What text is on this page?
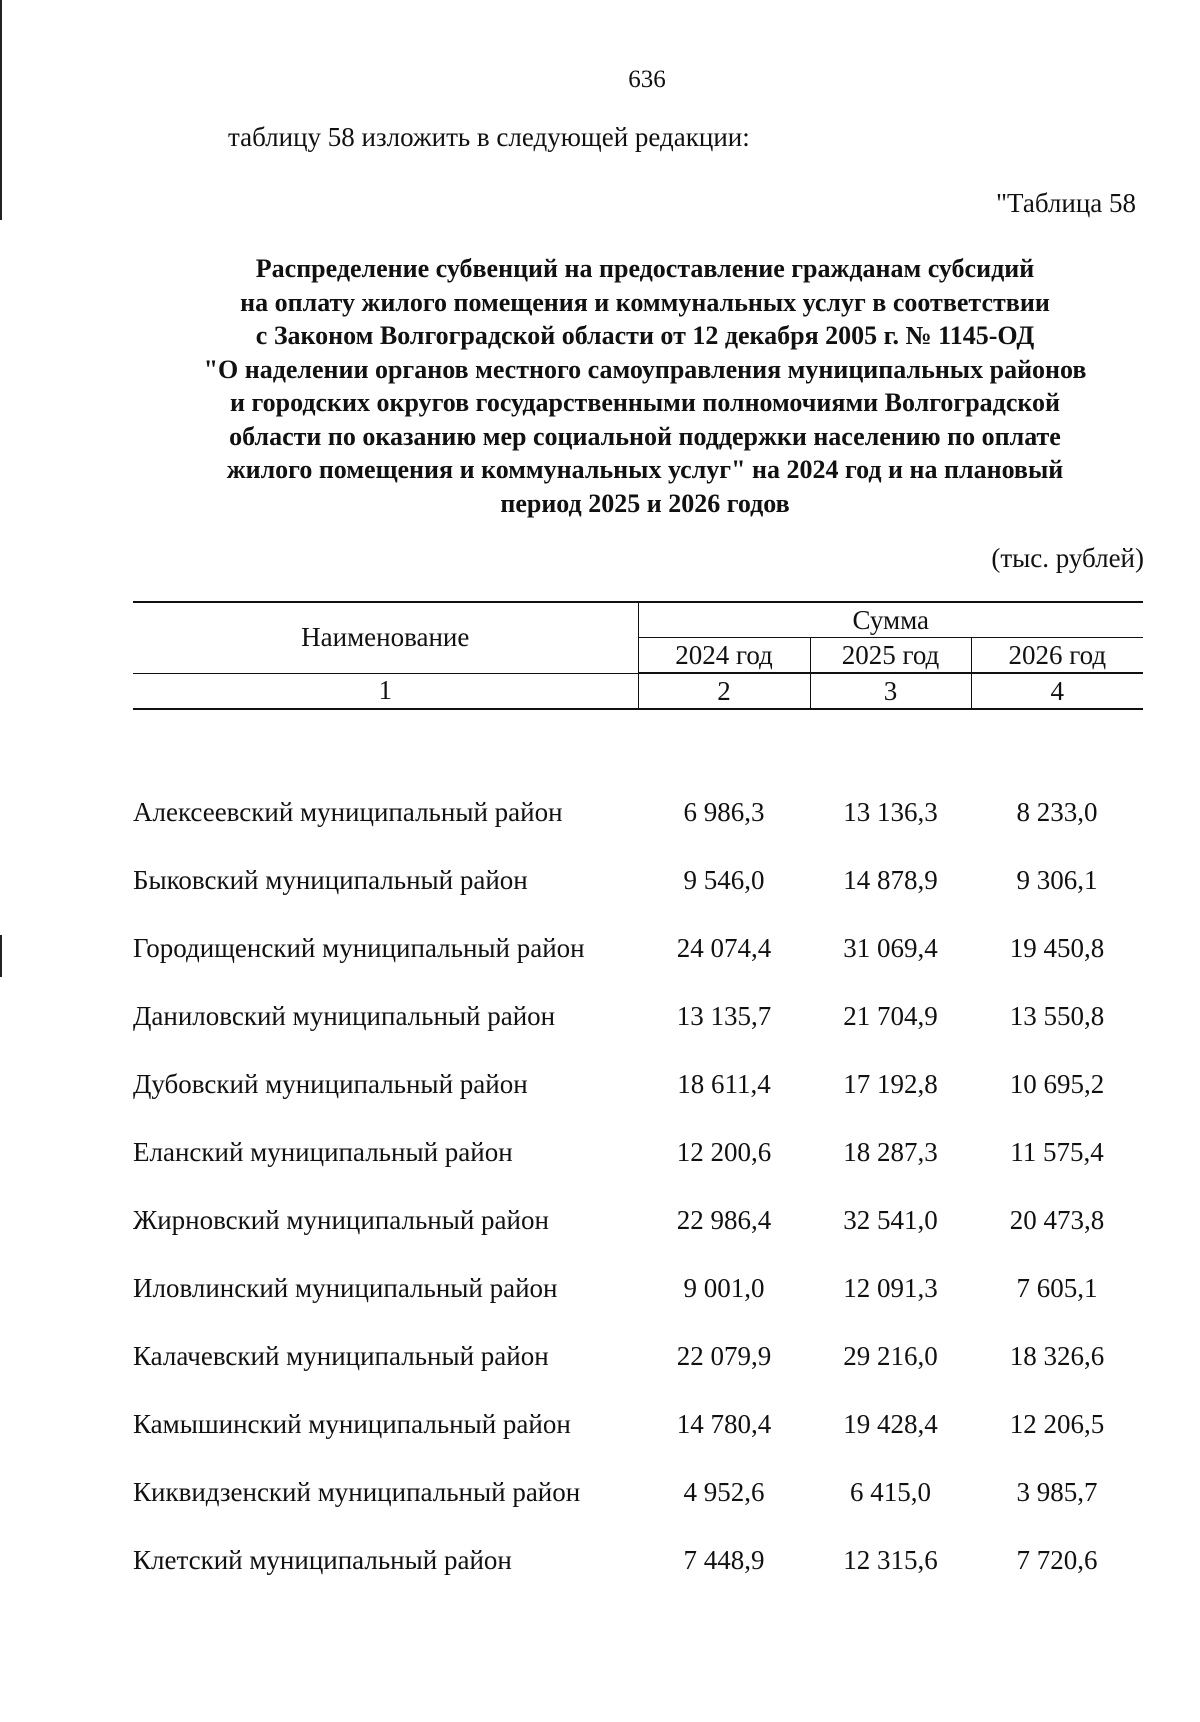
636
таблицу 58 изложить в следующей редакции:
"Таблица 58
Распределение субвенций на предоставление гражданам субсидий
на оплату жилого помещения и коммунальных услуг в соответствии
с Законом Волгоградской области от 12 декабря 2005 г. № 1145-ОД
"О наделении органов местного самоуправления муниципальных районов
и городских округов государственными полномочиями Волгоградской
области по оказанию мер социальной поддержки населению по оплате
жилого помещения и коммунальных услуг" на 2024 год и на плановый
период 2025 и 2026 годов
(тыс. рублей)
Наименование	Сумма		
	2024 год	2025 год	2026 год
1	2	3	4

Алексеевский муниципальный район	6 986,3	13 136,3	8 233,0
Быковский муниципальный район	9 546,0	14 878,9	9 306,1
Городищенский муниципальный район	24 074,4	31 069,4	19 450,8
Даниловский муниципальный район	13 135,7	21 704,9	13 550,8
Дубовский муниципальный район	18 611,4	17 192,8	10 695,2
Еланский муниципальный район	12 200,6	18 287,3	11 575,4
Жирновский муниципальный район	22 986,4	32 541,0	20 473,8
Иловлинский муниципальный район	9 001,0	12 091,3	7 605,1
Калачевский муниципальный район	22 079,9	29 216,0	18 326,6
Камышинский муниципальный район	14 780,4	19 428,4	12 206,5
Киквидзенский муниципальный район	4 952,6	6 415,0	3 985,7
Клетский муниципальный район	7 448,9	12 315,6	7 720,6
